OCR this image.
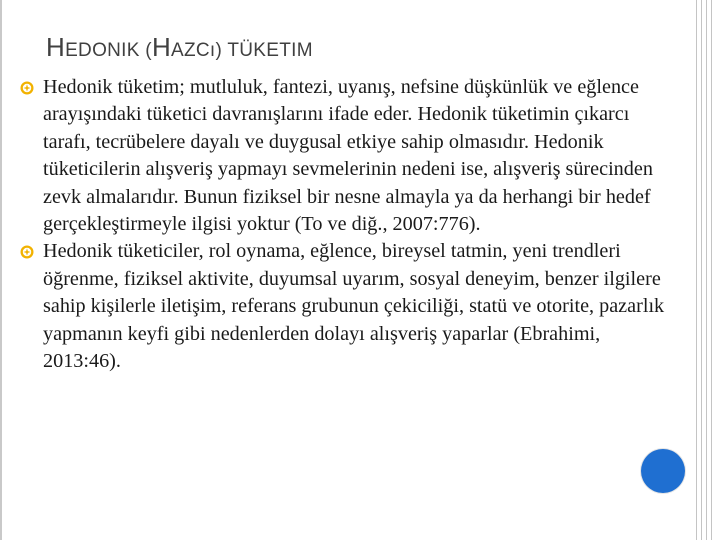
HEDONIK (HAZCı) TÜKETIM
Hedonik tüketim; mutluluk, fantezi, uyanış, nefsine düşkünlük ve eğlence arayışındaki tüketici davranışlarını ifade eder. Hedonik tüketimin çıkarcı tarafı, tecrübelere dayalı ve duygusal etkiye sahip olmasıdır. Hedonik tüketicilerin alışveriş yapmayı sevmelerinin nedeni ise, alışveriş sürecinden zevk almalarıdır. Bunun fiziksel bir nesne almayla ya da herhangi bir hedef gerçekleştirmeyle ilgisi yoktur (To ve diğ., 2007:776).
Hedonik tüketiciler, rol oynama, eğlence, bireysel tatmin, yeni trendleri öğrenme, fiziksel aktivite, duyumsal uyarım, sosyal deneyim, benzer ilgilere sahip kişilerle iletişim, referans grubunun çekiciliği, statü ve otorite, pazarlık yapmanın keyfi gibi nedenlerden dolayı alışveriş yaparlar (Ebrahimi, 2013:46).
